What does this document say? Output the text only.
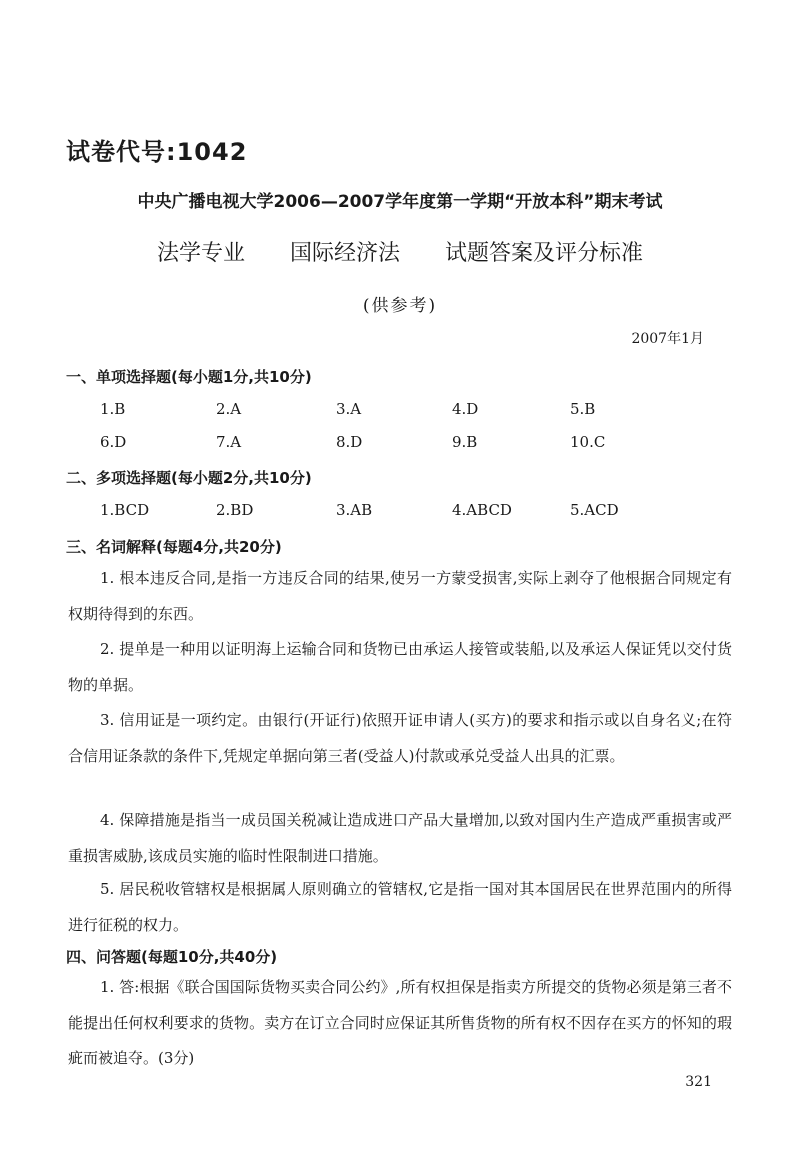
试卷代号:1042
中央广播电视大学2006—2007学年度第一学期“开放本科”期末考试
法学专业 国际经济法 试题答案及评分标准
(供参考)
2007年1月
一、单项选择题(每小题1分,共10分)
1.B	2.A	3.A	4.D	5.B
6.D	7.A	8.D	9.B	10.C
二、多项选择题(每小题2分,共10分)
1.BCD	2.BD	3.AB	4.ABCD	5.ACD
三、名词解释(每题4分,共20分)
1. 根本违反合同,是指一方违反合同的结果,使另一方蒙受损害,实际上剥夺了他根据合同规定有权期待得到的东西。
2. 提单是一种用以证明海上运输合同和货物已由承运人接管或装船,以及承运人保证凭以交付货物的单据。
3. 信用证是一项约定。由银行(开证行)依照开证申请人(买方)的要求和指示或以自身名义;在符合信用证条款的条件下,凭规定单据向第三者(受益人)付款或承兑受益人出具的汇票。
4. 保障措施是指当一成员国关税减让造成进口产品大量增加,以致对国内生产造成严重损害或严重损害威胁,该成员实施的临时性限制进口措施。
5. 居民税收管辖权是根据属人原则确立的管辖权,它是指一国对其本国居民在世界范围内的所得进行征税的权力。
四、问答题(每题10分,共40分)
1. 答:根据《联合国国际货物买卖合同公约》,所有权担保是指卖方所提交的货物必须是第三者不能提出任何权利要求的货物。卖方在订立合同时应保证其所售货物的所有权不因存在买方的怀知的瑕疵而被追夺。(3分)
321
